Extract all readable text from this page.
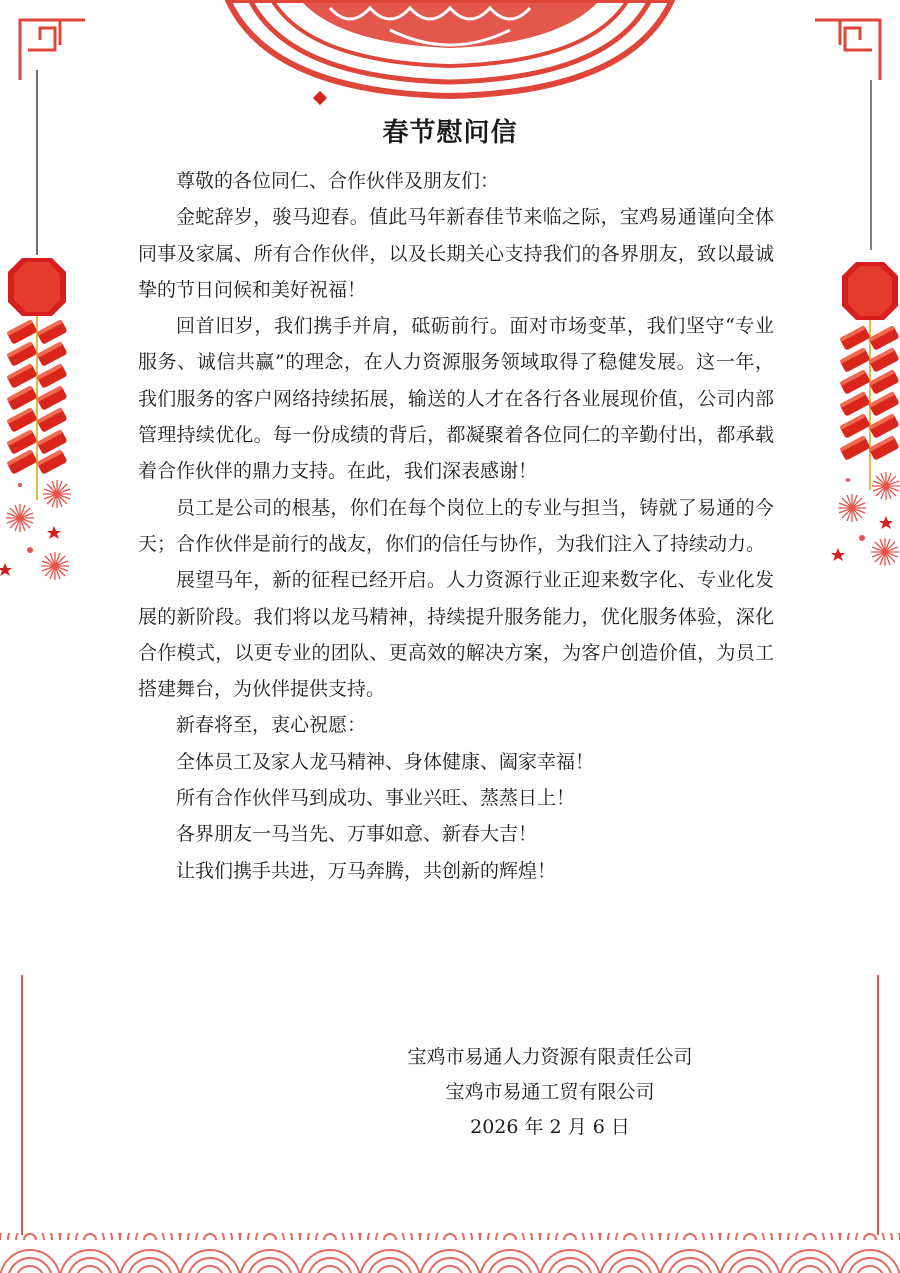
春节慰问信

尊敬的各位同仁、合作伙伴及朋友们：

金蛇辞岁，骏马迎春。值此马年新春佳节来临之际，宝鸡易通谨向全体同事及家属、所有合作伙伴，以及长期关心支持我们的各界朋友，致以最诚挚的节日问候和美好祝福！

回首旧岁，我们携手并肩，砥砺前行。面对市场变革，我们坚守“专业服务、诚信共赢”的理念，在人力资源服务领域取得了稳健发展。这一年，我们服务的客户网络持续拓展，输送的人才在各行各业展现价值，公司内部管理持续优化。每一份成绩的背后，都凝聚着各位同仁的辛勤付出，都承载着合作伙伴的鼎力支持。在此，我们深表感谢！

员工是公司的根基，你们在每个岗位上的专业与担当，铸就了易通的今天；合作伙伴是前行的战友，你们的信任与协作，为我们注入了持续动力。

展望马年，新的征程已经开启。人力资源行业正迎来数字化、专业化发展的新阶段。我们将以龙马精神，持续提升服务能力，优化服务体验，深化合作模式，以更专业的团队、更高效的解决方案，为客户创造价值，为员工搭建舞台，为伙伴提供支持。

新春将至，衷心祝愿：

全体员工及家人龙马精神、身体健康、阖家幸福！

所有合作伙伴马到成功、事业兴旺、蒸蒸日上！

各界朋友一马当先、万事如意、新春大吉！

让我们携手共进，万马奔腾，共创新的辉煌！

宝鸡市易通人力资源有限责任公司
宝鸡市易通工贸有限公司
2026 年 2 月 6 日
